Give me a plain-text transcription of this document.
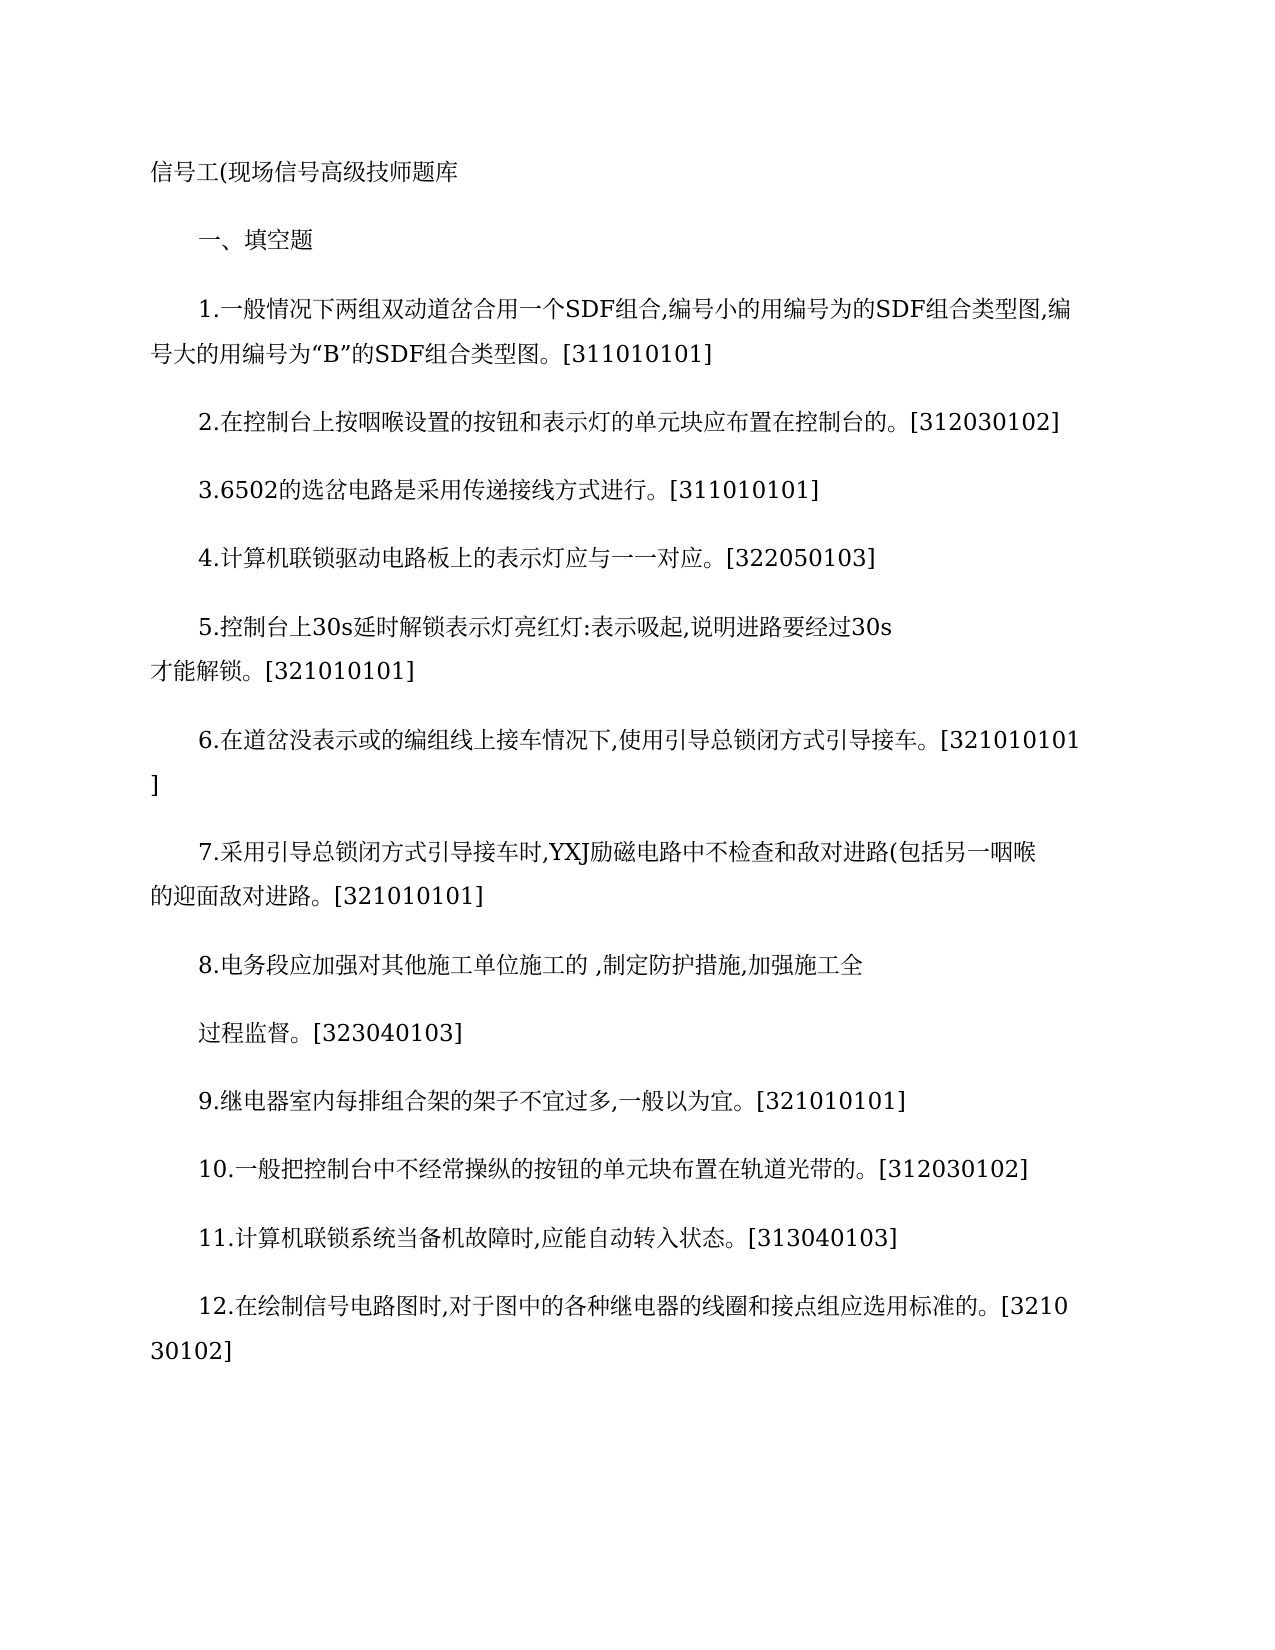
信号工(现场信号高级技师题库
一、填空题
1.一般情况下两组双动道岔合用一个SDF组合,编号小的用编号为的SDF组合类型图,编
号大的用编号为“B”的SDF组合类型图。[311010101]
2.在控制台上按咽喉设置的按钮和表示灯的单元块应布置在控制台的。[312030102]
3.6502的选岔电路是采用传递接线方式进行。[311010101]
4.计算机联锁驱动电路板上的表示灯应与一一对应。[322050103]
5.控制台上30s延时解锁表示灯亮红灯:表示吸起,说明进路要经过30s
才能解锁。[321010101]
6.在道岔没表示或的编组线上接车情况下,使用引导总锁闭方式引导接车。[321010101
]
7.采用引导总锁闭方式引导接车时,YXJ励磁电路中不检查和敌对进路(包括另一咽喉
的迎面敌对进路。[321010101]
8.电务段应加强对其他施工单位施工的 ,制定防护措施,加强施工全
过程监督。[323040103]
9.继电器室内每排组合架的架子不宜过多,一般以为宜。[321010101]
10.一般把控制台中不经常操纵的按钮的单元块布置在轨道光带的。[312030102]
11.计算机联锁系统当备机故障时,应能自动转入状态。[313040103]
12.在绘制信号电路图时,对于图中的各种继电器的线圈和接点组应选用标准的。[3210
30102]
